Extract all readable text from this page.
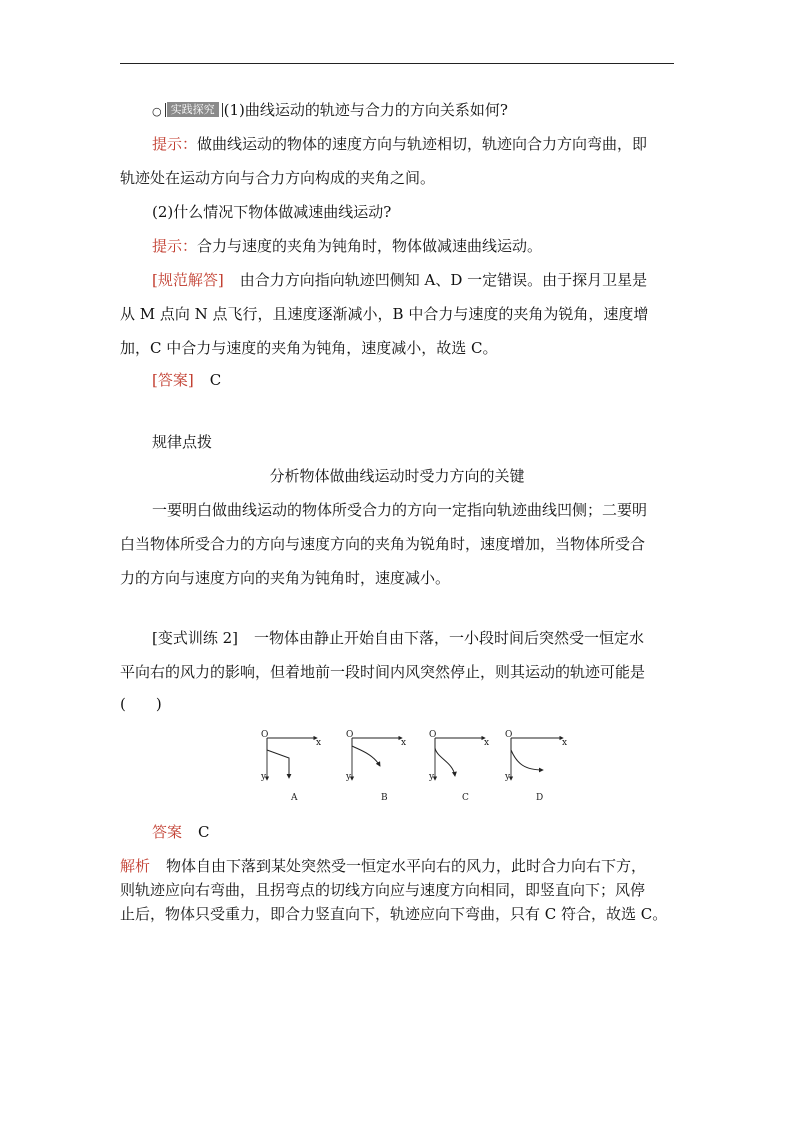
○ 实践探究 (1)曲线运动的轨迹与合力的方向关系如何?
提示：做曲线运动的物体的速度方向与轨迹相切，轨迹向合力方向弯曲，即
轨迹处在运动方向与合力方向构成的夹角之间。
(2)什么情况下物体做减速曲线运动?
提示：合力与速度的夹角为钝角时，物体做减速曲线运动。
[规范解答] 由合力方向指向轨迹凹侧知 A、D 一定错误。由于探月卫星是
从 M 点向 N 点飞行，且速度逐渐减小，B 中合力与速度的夹角为锐角，速度增
加，C 中合力与速度的夹角为钝角，速度减小，故选 C。
[答案] C
规律点拨
分析物体做曲线运动时受力方向的关键
一要明白做曲线运动的物体所受合力的方向一定指向轨迹曲线凹侧；二要明
白当物体所受合力的方向与速度方向的夹角为锐角时，速度增加，当物体所受合
力的方向与速度方向的夹角为钝角时，速度减小。
[变式训练 2] 一物体由静止开始自由下落，一小段时间后突然受一恒定水
平向右的风力的影响，但着地前一段时间内风突然停止，则其运动的轨迹可能是
(　　)
O
x
y
A
O
x
y
B
O
x
y
C
O
x
y
D
答案 C
解析 物体自由下落到某处突然受一恒定水平向右的风力，此时合力向右下方，
则轨迹应向右弯曲，且拐弯点的切线方向应与速度方向相同，即竖直向下；风停
止后，物体只受重力，即合力竖直向下，轨迹应向下弯曲，只有 C 符合，故选 C。
